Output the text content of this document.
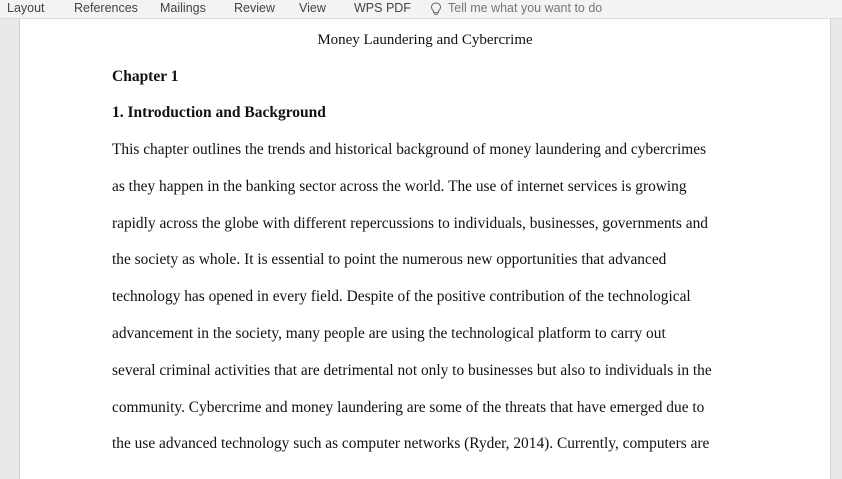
Layout References Mailings Review View WPS PDF	Tell me what you want to do
Money Laundering and Cybercrime
Chapter 1
1. Introduction and Background
This chapter outlines the trends and historical background of money laundering and cybercrimes
as they happen in the banking sector across the world. The use of internet services is growing
rapidly across the globe with different repercussions to individuals, businesses, governments and
the society as whole. It is essential to point the numerous new opportunities that advanced
technology has opened in every field. Despite of the positive contribution of the technological
advancement in the society, many people are using the technological platform to carry out
several criminal activities that are detrimental not only to businesses but also to individuals in the
community. Cybercrime and money laundering are some of the threats that have emerged due to
the use advanced technology such as computer networks (Ryder, 2014). Currently, computers are
